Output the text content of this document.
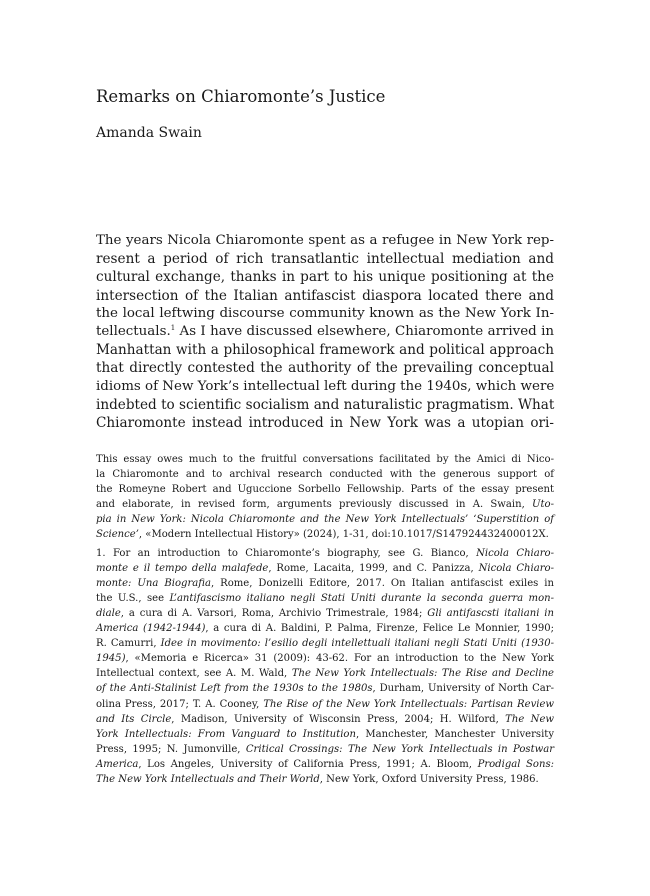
Remarks on Chiaromonte’s Justice
Amanda Swain
The years Nicola Chiaromonte spent as a refugee in New York rep-
resent a period of rich transatlantic intellectual mediation and
cultural exchange, thanks in part to his unique positioning at the
intersection of the Italian antifascist diaspora located there and
the local leftwing discourse community known as the New York In-
tellectuals.$^1$ As I have discussed elsewhere, Chiaromonte arrived in
Manhattan with a philosophical framework and political approach
that directly contested the authority of the prevailing conceptual
idioms of New York’s intellectual left during the 1940s, which were
indebted to scientific socialism and naturalistic pragmatism. What
Chiaromonte instead introduced in New York was a utopian ori-
This essay owes much to the fruitful conversations facilitated by the Amici di Nico-
la Chiaromonte and to archival research conducted with the generous support of
the Romeyne Robert and Uguccione Sorbello Fellowship. Parts of the essay present
and elaborate, in revised form, arguments previously discussed in A. Swain, Uto-
pia in New York: Nicola Chiaromonte and the New York Intellectuals’ ‘Superstition of
Science’, «Modern Intellectual History» (2024), 1-31, doi:10.1017/S147924432400012X.
1. For an introduction to Chiaromonte’s biography, see G. Bianco, Nicola Chiaro-
monte e il tempo della malafede, Rome, Lacaita, 1999, and C. Panizza, Nicola Chiaro-
monte: Una Biografia, Rome, Donizelli Editore, 2017. On Italian antifascist exiles in
the U.S., see L’antifascismo italiano negli Stati Uniti durante la seconda guerra mon-
diale, a cura di A. Varsori, Roma, Archivio Trimestrale, 1984; Gli antifascsti italiani in
America (1942-1944), a cura di A. Baldini, P. Palma, Firenze, Felice Le Monnier, 1990;
R. Camurri, Idee in movimento: l’esilio degli intellettuali italiani negli Stati Uniti (1930-
1945), «Memoria e Ricerca» 31 (2009): 43-62. For an introduction to the New York
Intellectual context, see A. M. Wald, The New York Intellectuals: The Rise and Decline
of the Anti-Stalinist Left from the 1930s to the 1980s, Durham, University of North Car-
olina Press, 2017; T. A. Cooney, The Rise of the New York Intellectuals: Partisan Review
and Its Circle, Madison, University of Wisconsin Press, 2004; H. Wilford, The New
York Intellectuals: From Vanguard to Institution, Manchester, Manchester University
Press, 1995; N. Jumonville, Critical Crossings: The New York Intellectuals in Postwar
America, Los Angeles, University of California Press, 1991; A. Bloom, Prodigal Sons:
The New York Intellectuals and Their World, New York, Oxford University Press, 1986.
